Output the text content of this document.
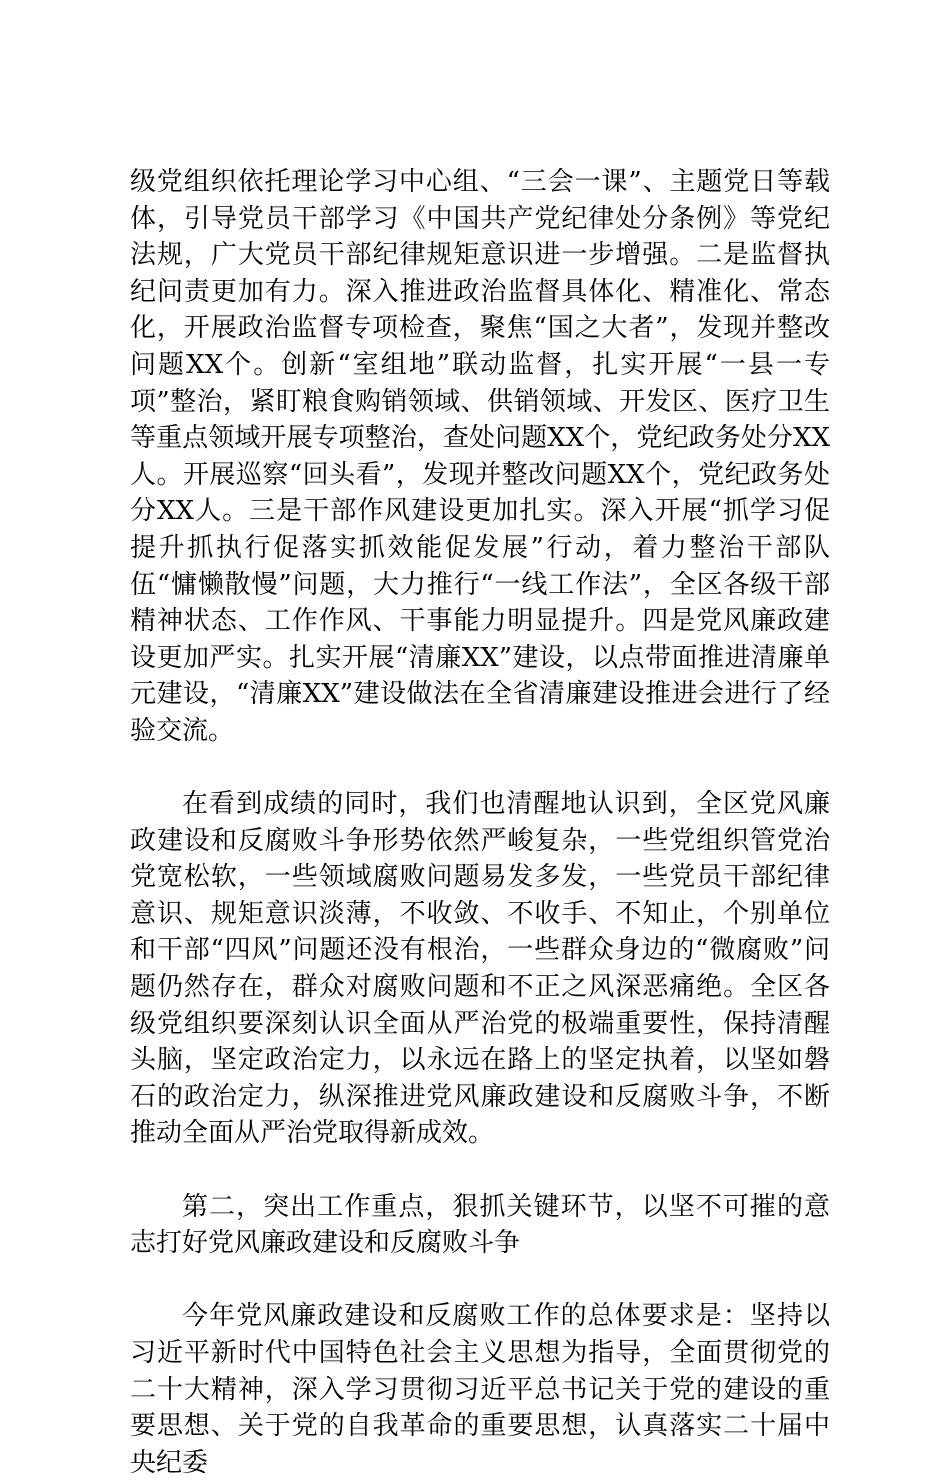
级党组织依托理论学习中心组、“三会一课”、主题党日等载体，引导党员干部学习《中国共产党纪律处分条例》等党纪法规，广大党员干部纪律规矩意识进一步增强。二是监督执纪问责更加有力。深入推进政治监督具体化、精准化、常态化，开展政治监督专项检查，聚焦“国之大者”，发现并整改问题XX个。创新“室组地”联动监督，扎实开展“一县一专项”整治，紧盯粮食购销领域、供销领域、开发区、医疗卫生等重点领域开展专项整治，查处问题XX个，党纪政务处分XX人。开展巡察“回头看”，发现并整改问题XX个，党纪政务处分XX人。三是干部作风建设更加扎实。深入开展“抓学习促提升抓执行促落实抓效能促发展”行动，着力整治干部队伍“慵懒散慢”问题，大力推行“一线工作法”，全区各级干部精神状态、工作作风、干事能力明显提升。四是党风廉政建设更加严实。扎实开展“清廉XX”建设，以点带面推进清廉单元建设，“清廉XX”建设做法在全省清廉建设推进会进行了经验交流。

在看到成绩的同时，我们也清醒地认识到，全区党风廉政建设和反腐败斗争形势依然严峻复杂，一些党组织管党治党宽松软，一些领域腐败问题易发多发，一些党员干部纪律意识、规矩意识淡薄，不收敛、不收手、不知止，个别单位和干部“四风”问题还没有根治，一些群众身边的“微腐败”问题仍然存在，群众对腐败问题和不正之风深恶痛绝。全区各级党组织要深刻认识全面从严治党的极端重要性，保持清醒头脑，坚定政治定力，以永远在路上的坚定执着，以坚如磐石的政治定力，纵深推进党风廉政建设和反腐败斗争，不断推动全面从严治党取得新成效。

第二，突出工作重点，狠抓关键环节，以坚不可摧的意志打好党风廉政建设和反腐败斗争

今年党风廉政建设和反腐败工作的总体要求是：坚持以习近平新时代中国特色社会主义思想为指导，全面贯彻党的二十大精神，深入学习贯彻习近平总书记关于党的建设的重要思想、关于党的自我革命的重要思想，认真落实二十届中央纪委
